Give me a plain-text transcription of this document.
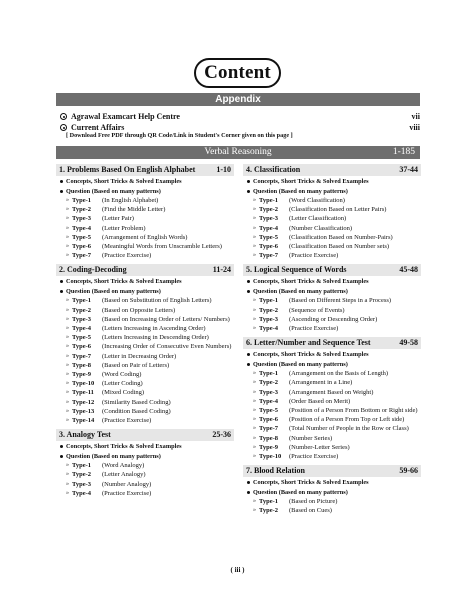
Content
Appendix
Agrawal Examcart Help Centre	vii
Current Affairs	viii
[ Download Free PDF through QR Code/Link in Student's Corner given on this page ]
Verbal Reasoning	1-185
1. Problems Based On English Alphabet	1-10
Concepts, Short Tricks & Solved Examples
Question (Based on many patterns)
» Type-1	(In English Alphabet)
» Type-2	(Find the Middle Letter)
» Type-3	(Letter Pair)
» Type-4	(Letter Problem)
» Type-5	(Arrangement of English Words)
» Type-6	(Meaningful Words from Unscramble Letters)
» Type-7	(Practice Exercise)
2. Coding-Decoding	11-24
Concepts, Short Tricks & Solved Examples
Question (Based on many patterns)
» Type-1	(Based on Substitution of English Letters)
» Type-2	(Based on Opposite Letters)
» Type-3	(Based on Increasing Order of Letters/ Numbers)
» Type-4	(Letters Increasing in Ascending Order)
» Type-5	(Letters Increasing in Descending Order)
» Type-6	(Increasing Order of Consecutive Even Numbers)
» Type-7	(Letter in Decreasing Order)
» Type-8	(Based on Pair of Letters)
» Type-9	(Word Coding)
» Type-10	(Letter Coding)
» Type-11	(Mixed Coding)
» Type-12	(Similarity Based Coding)
» Type-13	(Condition Based Coding)
» Type-14	(Practice Exercise)
3. Analogy Test	25-36
Concepts, Short Tricks & Solved Examples
Question (Based on many patterns)
» Type-1	(Word Analogy)
» Type-2	(Letter Analogy)
» Type-3	(Number Analogy)
» Type-4	(Practice Exercise)
4. Classification	37-44
Concepts, Short Tricks & Solved Examples
Question (Based on many patterns)
» Type-1	(Word Classification)
» Type-2	(Classification Based on Letter Pairs)
» Type-3	(Letter Classification)
» Type-4	(Number Classification)
» Type-5	(Classification Based on Number-Pairs)
» Type-6	(Classification Based on Number sets)
» Type-7	(Practice Exercise)
5. Logical Sequence of Words	45-48
Concepts, Short Tricks & Solved Examples
Question (Based on many patterns)
» Type-1	(Based on Different Steps in a Process)
» Type-2	(Sequence of Events)
» Type-3	(Ascending or Descending Order)
» Type-4	(Practice Exercise)
6. Letter/Number and Sequence Test	49-58
Concepts, Short Tricks & Solved Examples
Question (Based on many patterns)
» Type-1	(Arrangement on the Basis of Length)
» Type-2	(Arrangement in a Line)
» Type-3	(Arrangement Based on Weight)
» Type-4	(Order Based on Merit)
» Type-5	(Position of a Person From Bottom or Right side)
» Type-6	(Position of a Person From Top or Left side)
» Type-7	(Total Number of People in the Row or Class)
» Type-8	(Number Series)
» Type-9	(Number-Letter Series)
» Type-10	(Practice Exercise)
7. Blood Relation	59-66
Concepts, Short Tricks & Solved Examples
Question (Based on many patterns)
» Type-1	(Based on Picture)
» Type-2	(Based on Cues)
( iii )
